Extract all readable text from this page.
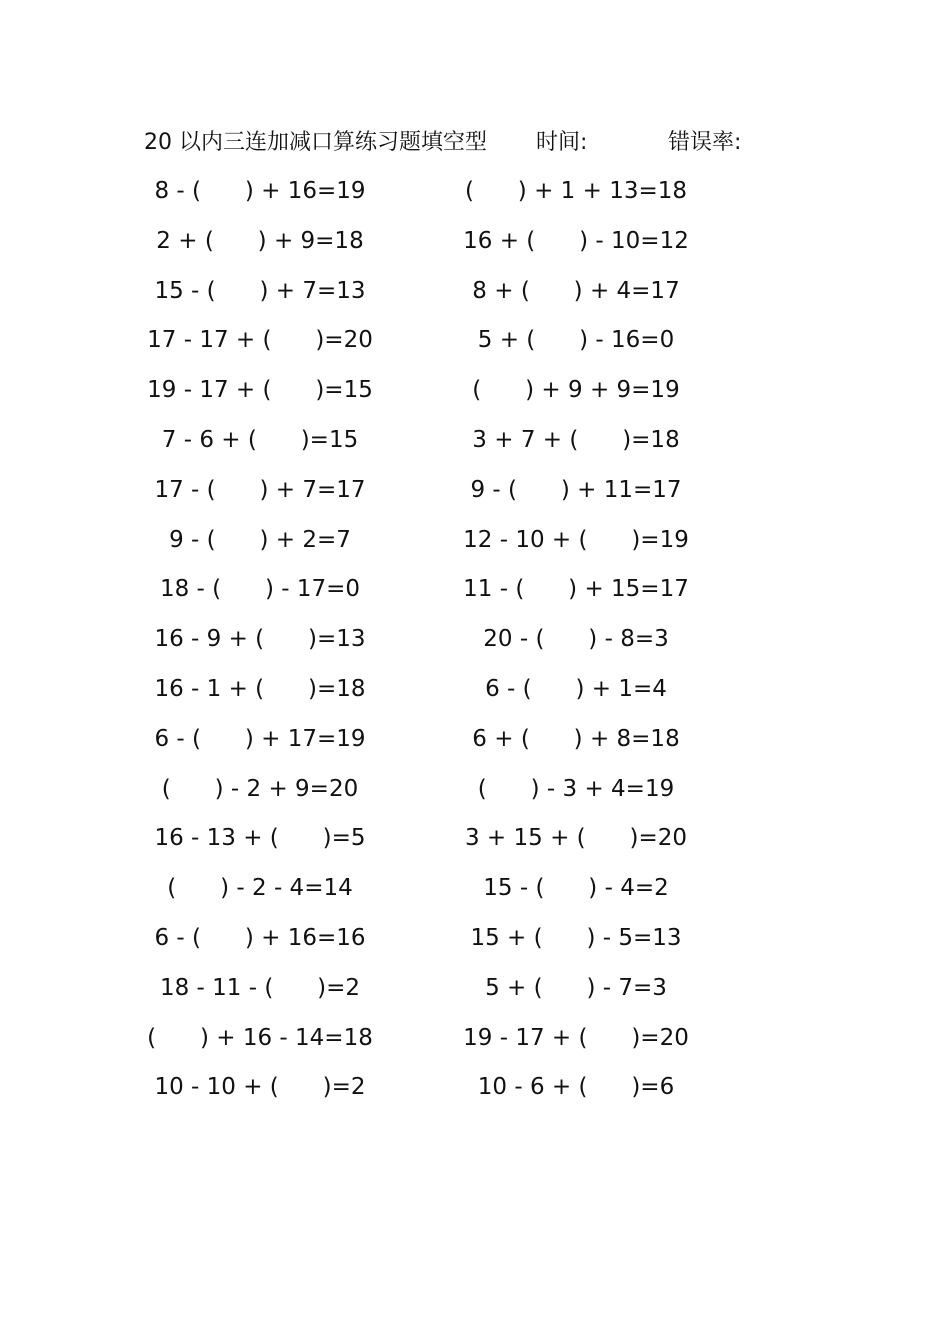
20 以内三连加减口算练习题填空型 时间:	错误率:
8 - (      ) + 16=19
2 + (      ) + 9=18
15 - (      ) + 7=13
17 - 17 + (      )=20
19 - 17 + (      )=15
7 - 6 + (      )=15
17 - (      ) + 7=17
9 - (      ) + 2=7
18 - (      ) - 17=0
16 - 9 + (      )=13
16 - 1 + (      )=18
6 - (      ) + 17=19
(      ) - 2 + 9=20
16 - 13 + (      )=5
(      ) - 2 - 4=14
6 - (      ) + 16=16
18 - 11 - (      )=2
(      ) + 16 - 14=18
10 - 10 + (      )=2
(      ) + 1 + 13=18
16 + (      ) - 10=12
8 + (      ) + 4=17
5 + (      ) - 16=0
(      ) + 9 + 9=19
3 + 7 + (      )=18
9 - (      ) + 11=17
12 - 10 + (      )=19
11 - (      ) + 15=17
20 - (      ) - 8=3
6 - (      ) + 1=4
6 + (      ) + 8=18
(      ) - 3 + 4=19
3 + 15 + (      )=20
15 - (      ) - 4=2
15 + (      ) - 5=13
5 + (      ) - 7=3
19 - 17 + (      )=20
10 - 6 + (      )=6
